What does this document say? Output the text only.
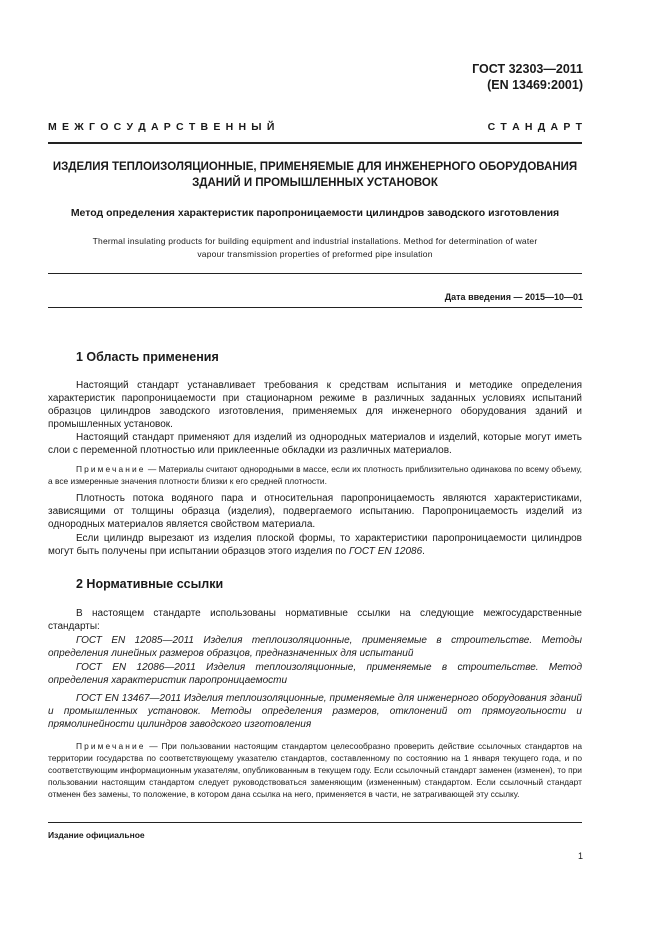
ГОСТ 32303—2011
(EN 13469:2001)
М Е Ж Г О С У Д А Р С Т В Е Н Н Ы Й	С Т А Н Д А Р Т
ИЗДЕЛИЯ ТЕПЛОИЗОЛЯЦИОННЫЕ, ПРИМЕНЯЕМЫЕ ДЛЯ ИНЖЕНЕРНОГО ОБОРУДОВАНИЯ
ЗДАНИЙ И ПРОМЫШЛЕННЫХ УСТАНОВОК
Метод определения характеристик паропроницаемости цилиндров заводского изготовления
Thermal insulating products for building equipment and industrial installations. Method for determination of water
vapour transmission properties of preformed pipe insulation
Дата введения — 2015—10—01
1 Область применения
Настоящий стандарт устанавливает требования к средствам испытания и методике определения характеристик паропроницаемости при стационарном режиме в различных заданных условиях испытаний образцов цилиндров заводского изготовления, применяемых для инженерного оборудования зданий и промышленных установок.
Настоящий стандарт применяют для изделий из однородных материалов и изделий, которые могут иметь слои с переменной плотностью или приклеенные обкладки из различных материалов.
Примечание — Материалы считают однородными в массе, если их плотность приблизительно одинакова по всему объему, а все измеренные значения плотности близки к его средней плотности.
Плотность потока водяного пара и относительная паропроницаемость являются характеристиками, зависящими от толщины образца (изделия), подвергаемого испытанию. Паропроницаемость изделий из однородных материалов является свойством материала.
Если цилиндр вырезают из изделия плоской формы, то характеристики паропроницаемости цилиндров могут быть получены при испытании образцов этого изделия по ГОСТ EN 12086.
2 Нормативные ссылки
В настоящем стандарте использованы нормативные ссылки на следующие межгосударственные стандарты:
ГОСТ EN 12085—2011 Изделия теплоизоляционные, применяемые в строительстве. Методы определения линейных размеров образцов, предназначенных для испытаний
ГОСТ EN 12086—2011 Изделия теплоизоляционные, применяемые в строительстве. Метод определения характеристик паропроницаемости
ГОСТ EN 13467—2011 Изделия теплоизоляционные, применяемые для инженерного оборудования зданий и промышленных установок. Методы определения размеров, отклонений от прямоугольности и прямолинейности цилиндров заводского изготовления
Примечание — При пользовании настоящим стандартом целесообразно проверить действие ссылочных стандартов на территории государства по соответствующему указателю стандартов, составленному по состоянию на 1 января текущего года, и по соответствующим информационным указателям, опубликованным в текущем году. Если ссылочный стандарт заменен (изменен), то при пользовании настоящим стандартом следует руководствоваться заменяющим (измененным) стандартом. Если ссылочный стандарт отменен без замены, то положение, в котором дана ссылка на него, применяется в части, не затрагивающей эту ссылку.
Издание официальное
1
